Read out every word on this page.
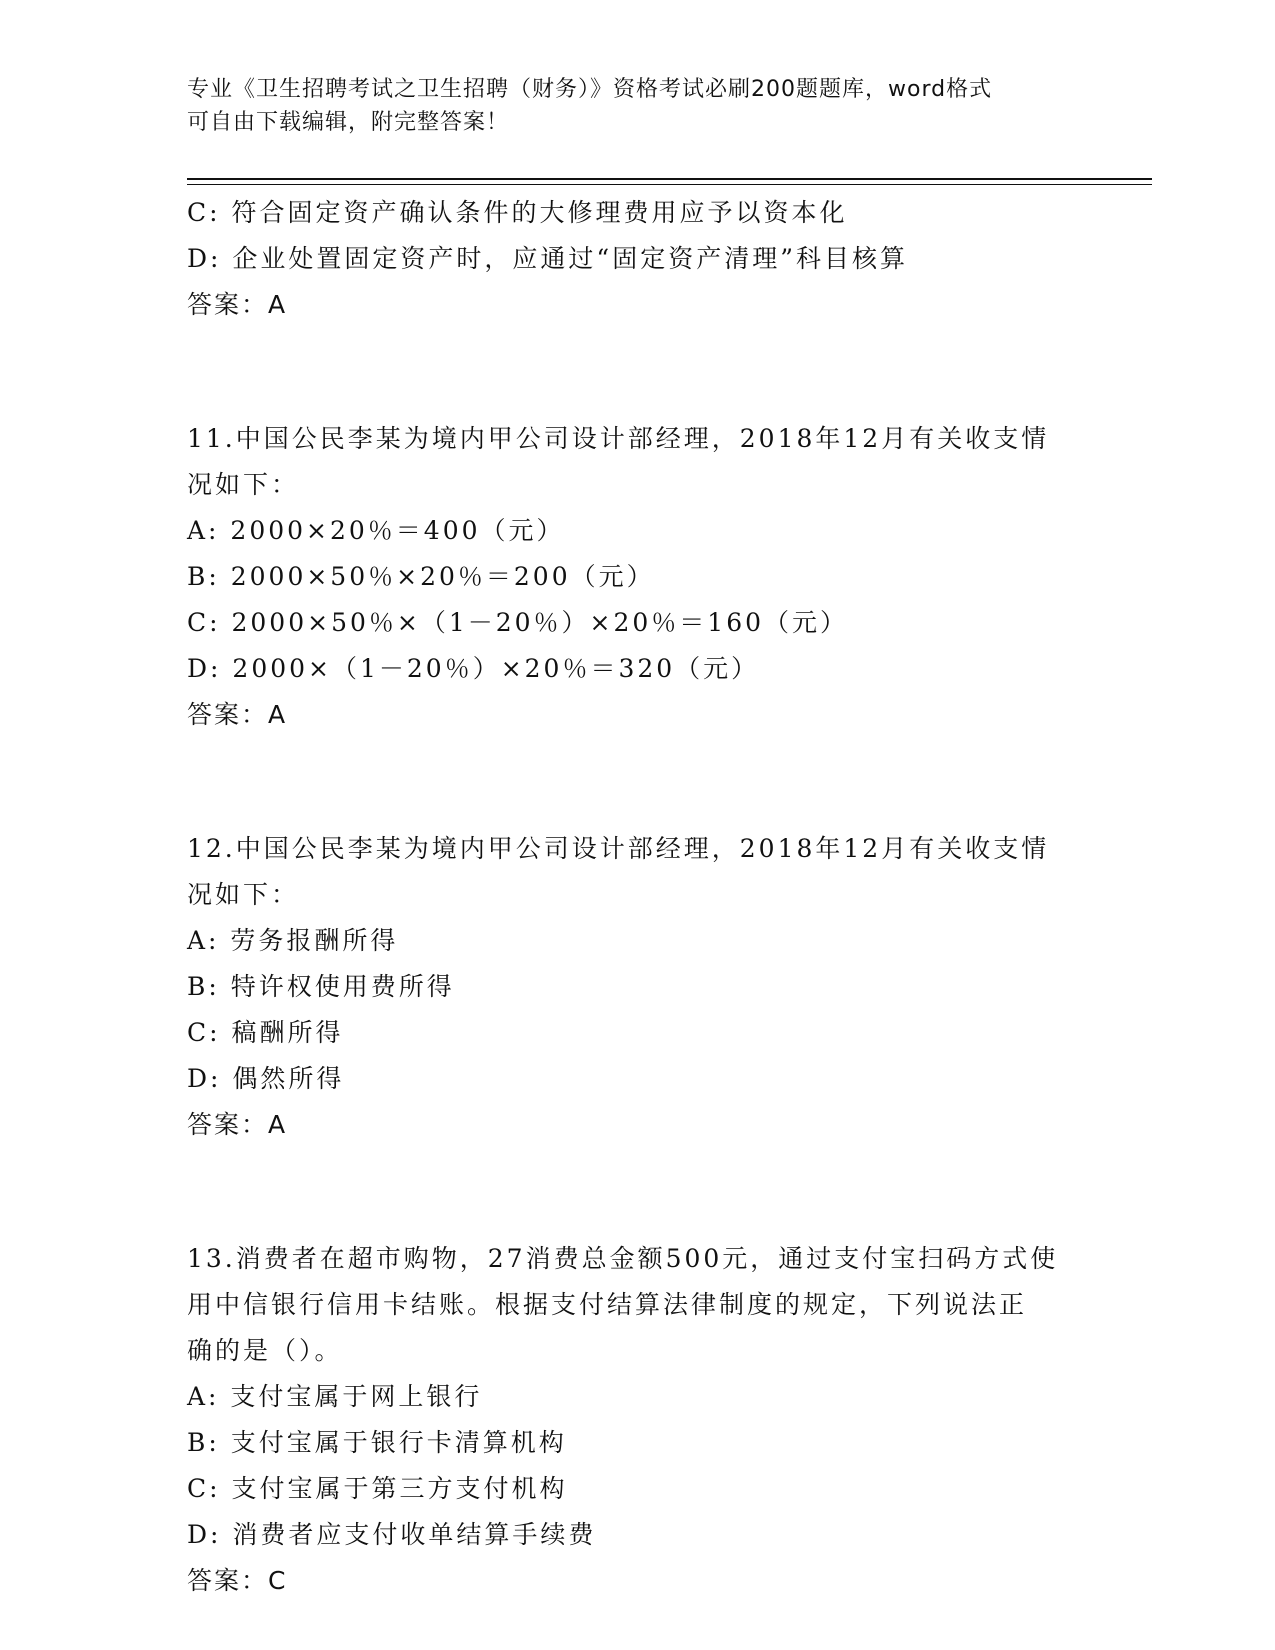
专业《卫生招聘考试之卫生招聘（财务）》资格考试必刷200题题库，word格式
可自由下载编辑，附完整答案！
C: 符合固定资产确认条件的大修理费用应予以资本化
D: 企业处置固定资产时，应通过“固定资产清理”科目核算
答案：A
11.中国公民李某为境内甲公司设计部经理，2018年12月有关收支情
况如下：
A: 2000×20％＝400（元）
B: 2000×50％×20％＝200（元）
C: 2000×50％×（1－20％）×20％＝160（元）
D: 2000×（1－20％）×20％＝320（元）
答案：A
12.中国公民李某为境内甲公司设计部经理，2018年12月有关收支情
况如下：
A: 劳务报酬所得
B: 特许权使用费所得
C: 稿酬所得
D: 偶然所得
答案：A
13.消费者在超市购物，27消费总金额500元，通过支付宝扫码方式使
用中信银行信用卡结账。根据支付结算法律制度的规定，下列说法正
确的是（）。
A: 支付宝属于网上银行
B: 支付宝属于银行卡清算机构
C: 支付宝属于第三方支付机构
D: 消费者应支付收单结算手续费
答案：C
